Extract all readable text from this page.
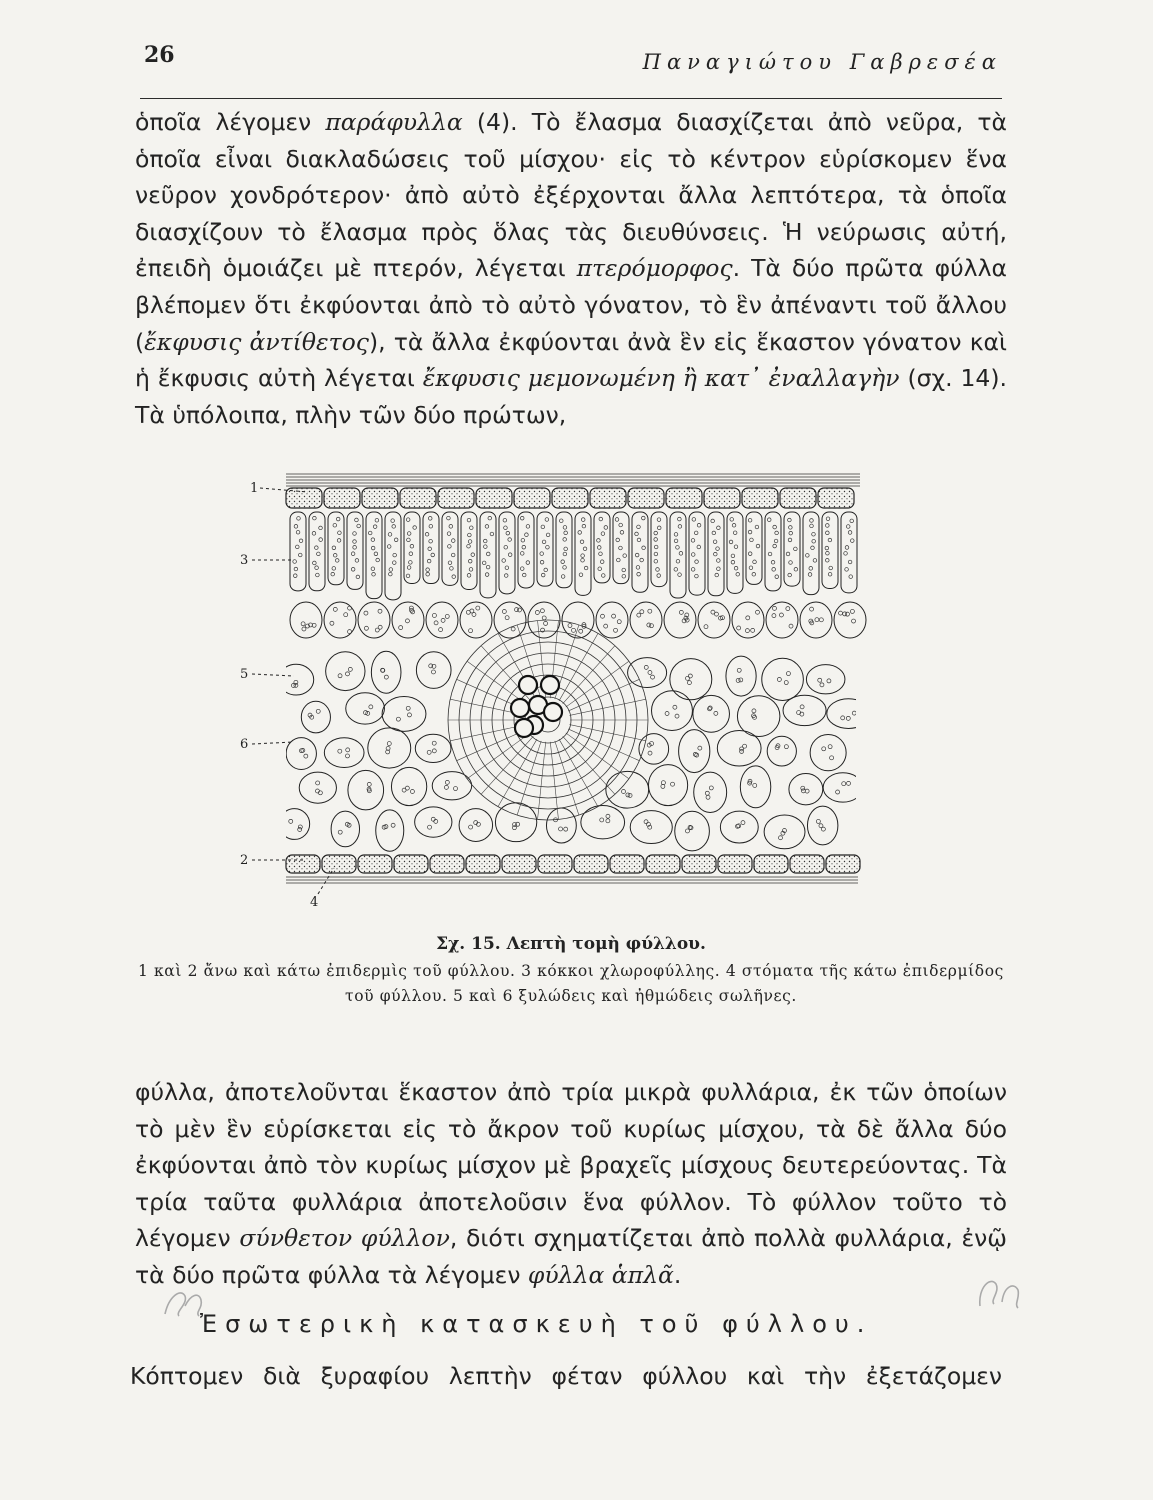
26	Παναγιώτου Γαβρεσέα
ὁποῖα λέγομεν παράφυλλα (4). Τὸ ἔλασμα διασχίζεται ἀπὸ νεῦρα, τὰ ὁποῖα εἶναι διακλαδώσεις τοῦ μίσχου· εἰς τὸ κέντρον εὑρίσκομεν ἕνα νεῦρον χονδρότερον· ἀπὸ αὐτὸ ἐξέρχονται ἄλλα λεπτότερα, τὰ ὁποῖα διασχίζουν τὸ ἔλασμα πρὸς ὅλας τὰς διευθύνσεις. Ἡ νεύρωσις αὐτή, ἐπειδὴ ὁμοιάζει μὲ πτερόν, λέγεται πτερόμορφος. Τὰ δύο πρῶτα φύλλα βλέπομεν ὅτι ἐκφύονται ἀπὸ τὸ αὐτὸ γόνατον, τὸ ἓν ἀπέναντι τοῦ ἄλλου (ἔκφυσις ἀντίθετος), τὰ ἄλλα ἐκφύονται ἀνὰ ἓν εἰς ἕκαστον γόνατον καὶ ἡ ἔκφυσις αὐτὴ λέγεται ἔκφυσις μεμονωμένη ἢ κατ᾽ ἐναλλαγὴν (σχ. 14). Τὰ ὑπόλοιπα, πλὴν τῶν δύο πρώτων,
1
3
5
6
2
4
Σχ. 15. Λεπτὴ τομὴ φύλλου.
1 καὶ 2 ἄνω καὶ κάτω ἐπιδερμὶς τοῦ φύλλου. 3 κόκκοι χλωροφύλλης. 4 στόματα τῆς κάτω ἐπιδερμίδος τοῦ φύλλου. 5 καὶ 6 ξυλώδεις καὶ ἠθμώδεις σωλῆνες.
φύλλα, ἀποτελοῦνται ἕκαστον ἀπὸ τρία μικρὰ φυλλάρια, ἐκ τῶν ὁποίων τὸ μὲν ἓν εὑρίσκεται εἰς τὸ ἄκρον τοῦ κυρίως μίσχου, τὰ δὲ ἄλλα δύο ἐκφύονται ἀπὸ τὸν κυρίως μίσχον μὲ βραχεῖς μίσχους δευτερεύοντας. Τὰ τρία ταῦτα φυλλάρια ἀποτελοῦσιν ἕνα φύλλον. Τὸ φύλλον τοῦτο τὸ λέγομεν σύνθετον φύλλον, διότι σχηματίζεται ἀπὸ πολλὰ φυλλάρια, ἐνῷ τὰ δύο πρῶτα φύλλα τὰ λέγομεν φύλλα ἁπλᾶ.
Ἐσωτερικὴ κατασκευὴ τοῦ φύλλου.
Κόπτομεν διὰ ξυραφίου λεπτὴν φέταν φύλλου καὶ τὴν ἐξετάζομεν
